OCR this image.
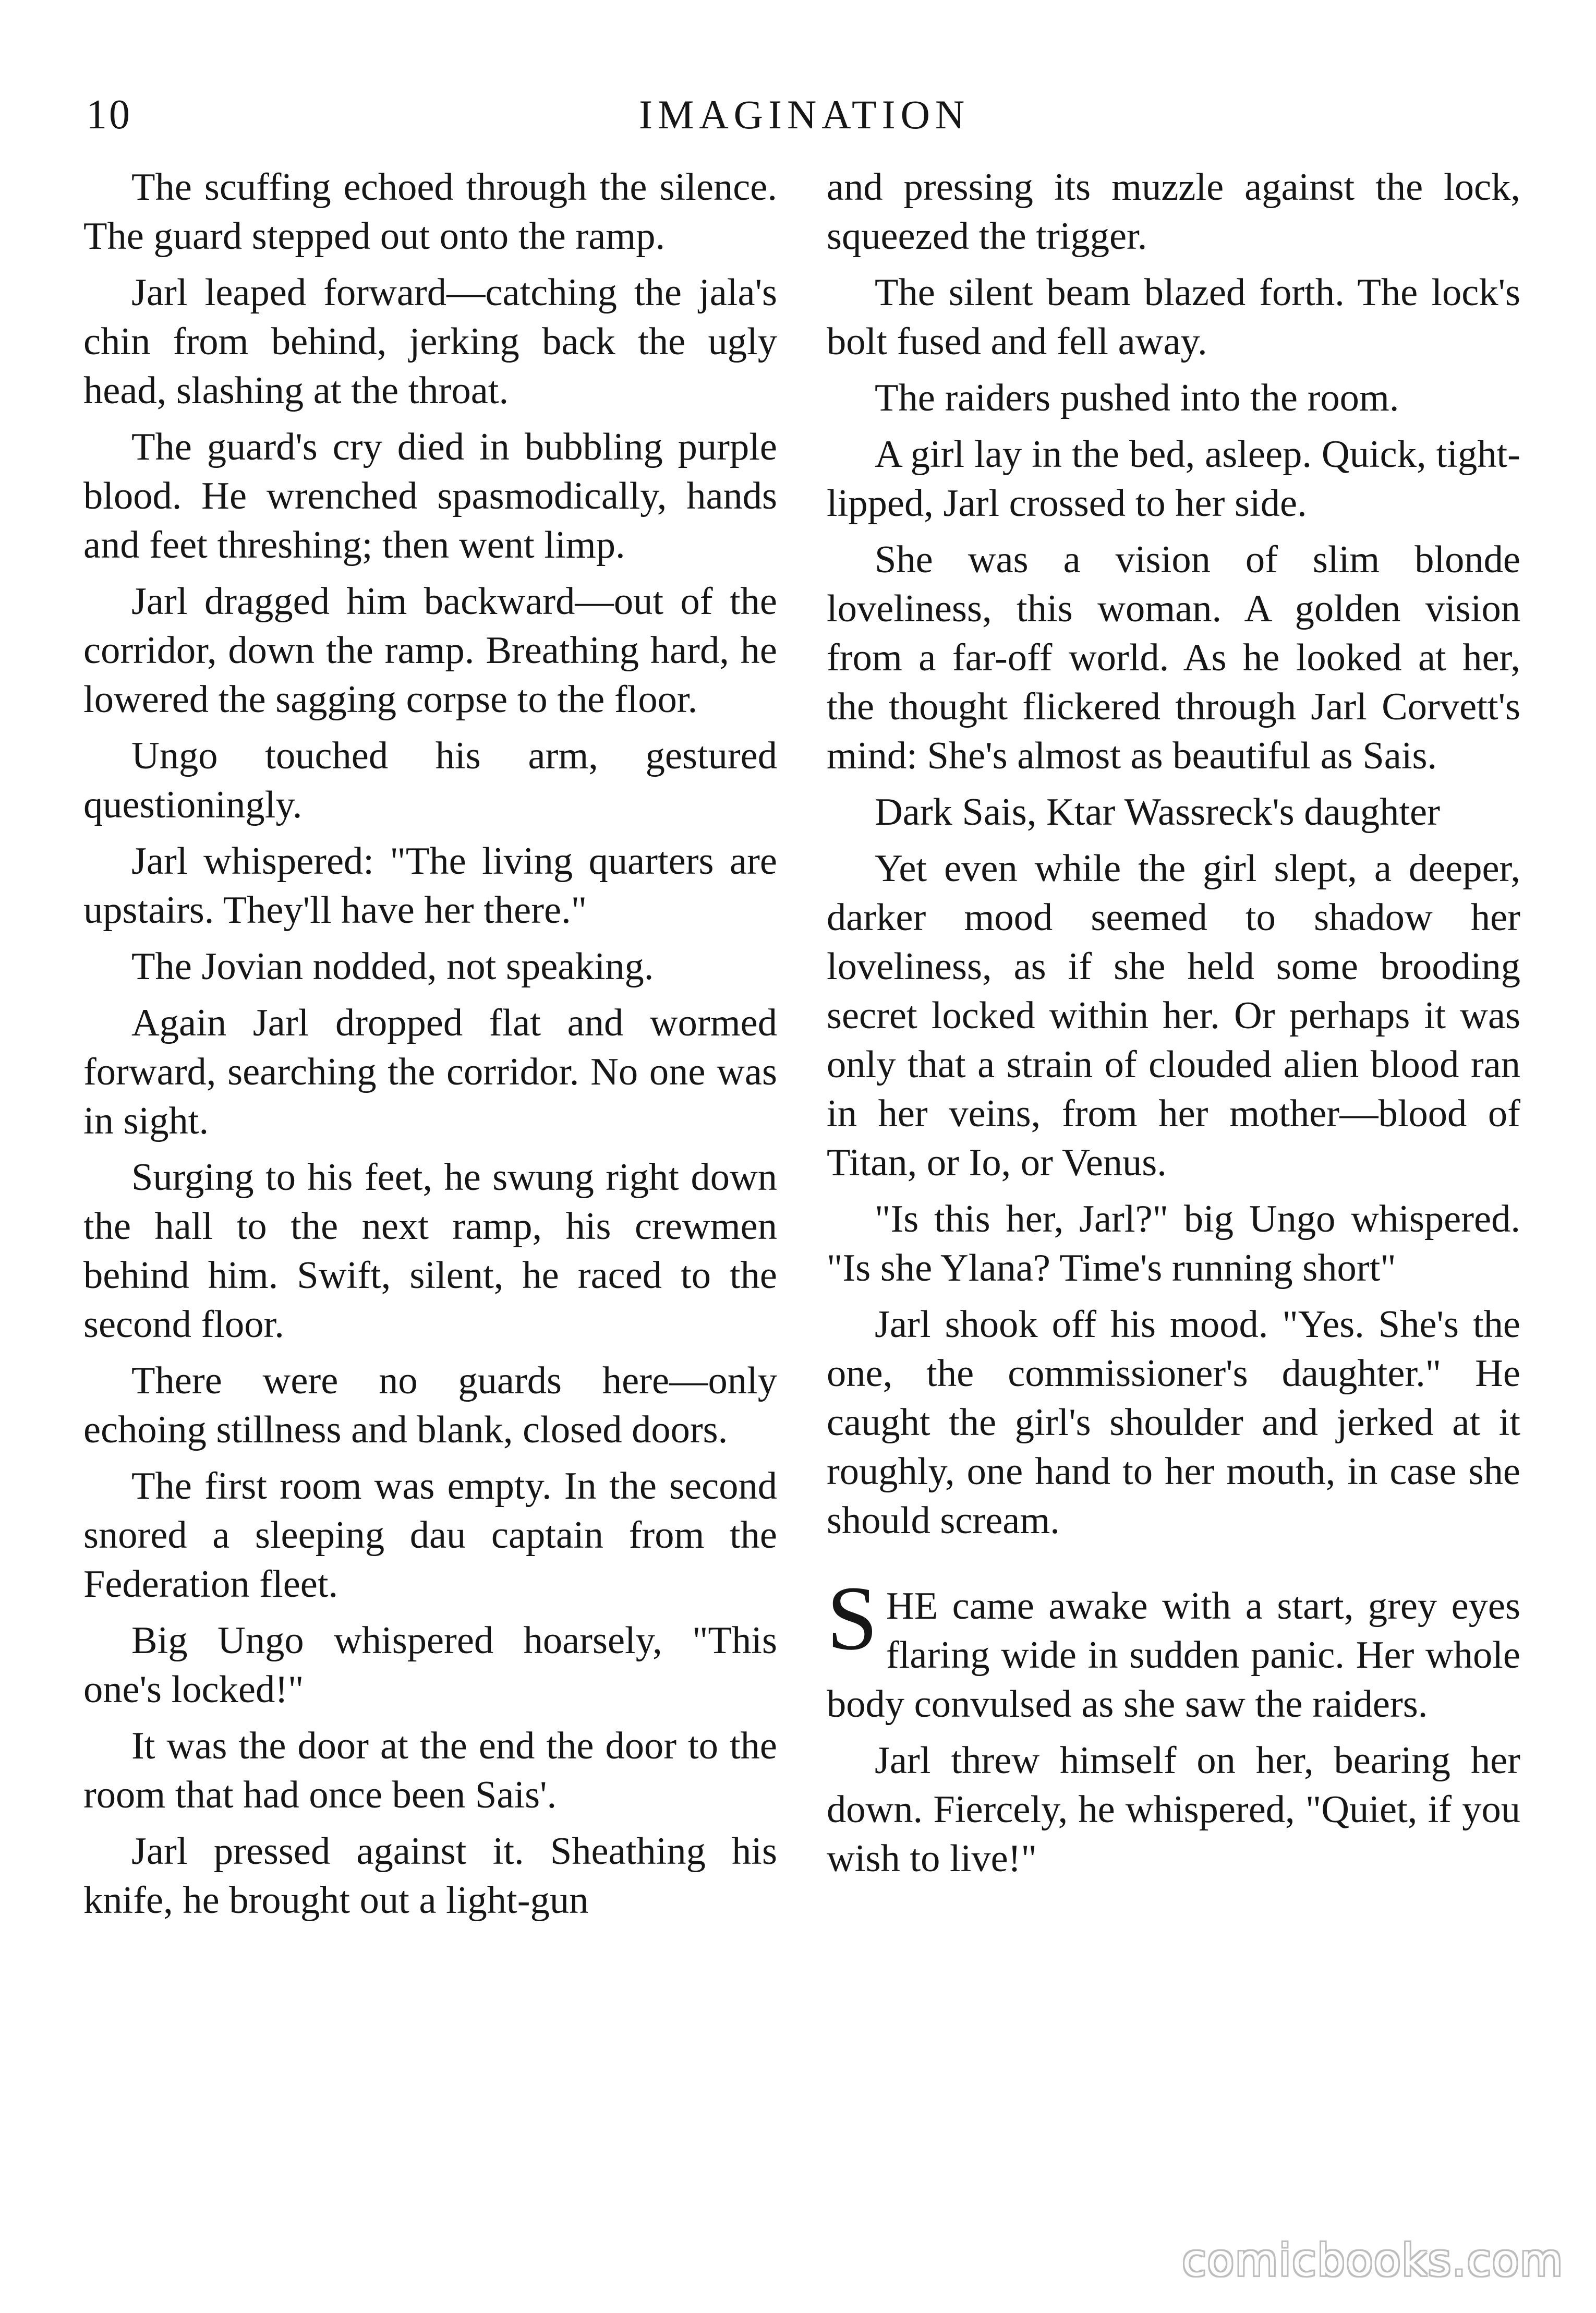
10	IMAGINATION

The scuffing echoed through the silence. The guard stepped out onto the ramp.

Jarl leaped forward—catching the jala's chin from behind, jerking back the ugly head, slashing at the throat.

The guard's cry died in bubbling purple blood. He wrenched spasmodically, hands and feet threshing; then went limp.

Jarl dragged him backward—out of the corridor, down the ramp. Breathing hard, he lowered the sagging corpse to the floor.

Ungo touched his arm, gestured questioningly.

Jarl whispered: "The living quarters are upstairs. They'll have her there."

The Jovian nodded, not speaking.

Again Jarl dropped flat and wormed forward, searching the corridor. No one was in sight.

Surging to his feet, he swung right down the hall to the next ramp, his crewmen behind him. Swift, silent, he raced to the second floor.

There were no guards here—only echoing stillness and blank, closed doors.

The first room was empty. In the second snored a sleeping dau captain from the Federation fleet.

Big Ungo whispered hoarsely, "This one's locked!"

It was the door at the end the door to the room that had once been Sais'.

Jarl pressed against it. Sheathing his knife, he brought out a light-gun

and pressing its muzzle against the lock, squeezed the trigger.

The silent beam blazed forth. The lock's bolt fused and fell away.

The raiders pushed into the room.

A girl lay in the bed, asleep. Quick, tight-lipped, Jarl crossed to her side.

She was a vision of slim blonde loveliness, this woman. A golden vision from a far-off world. As he looked at her, the thought flickered through Jarl Corvett's mind: She's almost as beautiful as Sais.

Dark Sais, Ktar Wassreck's daughter

Yet even while the girl slept, a deeper, darker mood seemed to shadow her loveliness, as if she held some brooding secret locked within her. Or perhaps it was only that a strain of clouded alien blood ran in her veins, from her mother—blood of Titan, or Io, or Venus.

"Is this her, Jarl?" big Ungo whispered. "Is she Ylana? Time's running short"

Jarl shook off his mood. "Yes. She's the one, the commissioner's daughter." He caught the girl's shoulder and jerked at it roughly, one hand to her mouth, in case she should scream.

SHE came awake with a start, grey eyes flaring wide in sudden panic. Her whole body convulsed as she saw the raiders.

Jarl threw himself on her, bearing her down. Fiercely, he whispered, "Quiet, if you wish to live!"

comicbooks.com
